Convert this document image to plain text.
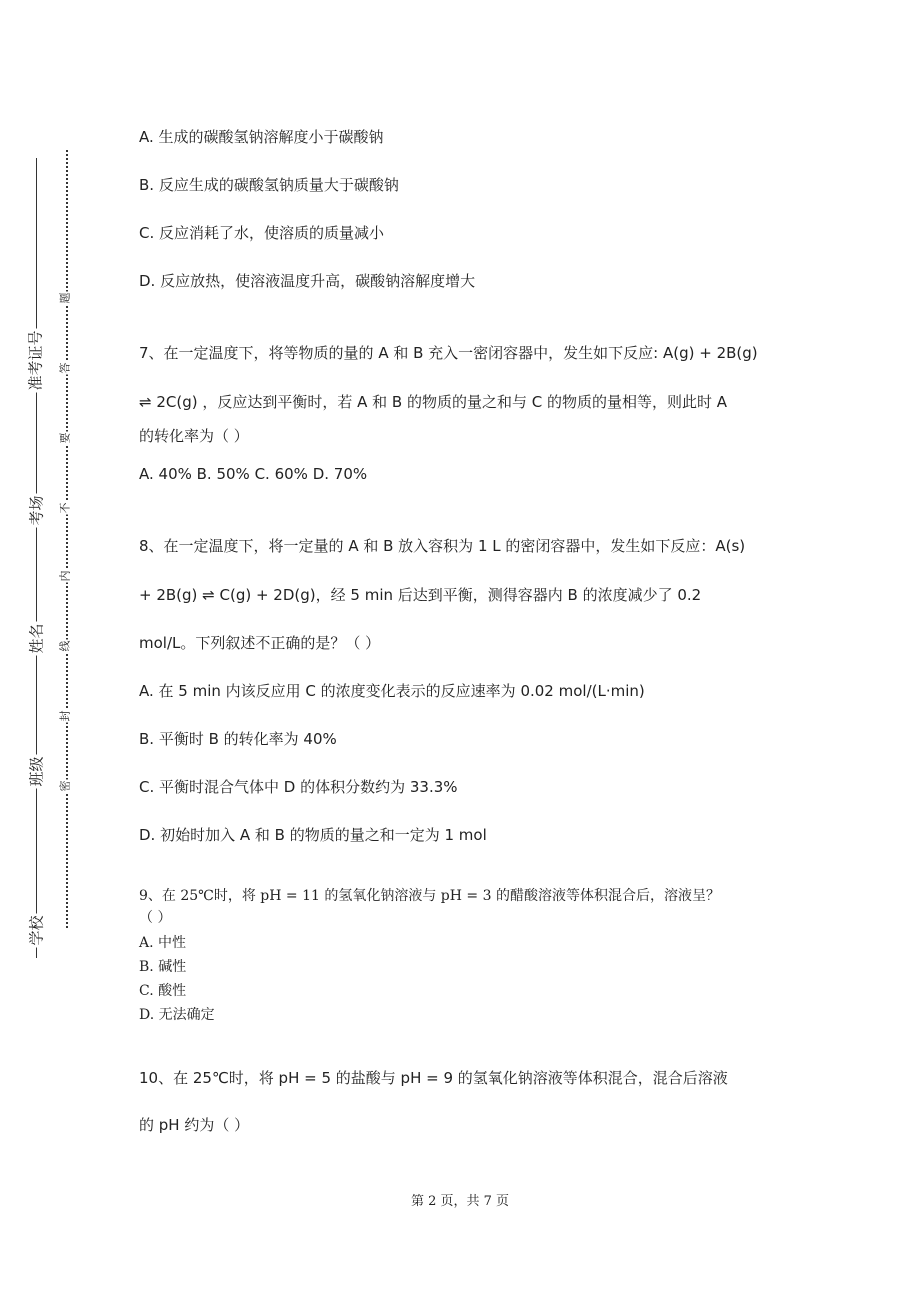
准考证号
考场
姓名
班级
学校
题
答
要
不
内
线
封
密
A. 生成的碳酸氢钠溶解度小于碳酸钠
B. 反应生成的碳酸氢钠质量大于碳酸钠
C. 反应消耗了水，使溶质的质量减小
D. 反应放热，使溶液温度升高，碳酸钠溶解度增大
7、在一定温度下，将等物质的量的 A 和 B 充入一密闭容器中，发生如下反应: A(g) + 2B(g)
⇌ 2C(g) ，反应达到平衡时，若 A 和 B 的物质的量之和与 C 的物质的量相等，则此时 A
的转化率为（ ）
A. 40% B. 50% C. 60% D. 70%
8、在一定温度下，将一定量的 A 和 B 放入容积为 1 L 的密闭容器中，发生如下反应：A(s)
+ 2B(g) ⇌ C(g) + 2D(g)，经 5 min 后达到平衡，测得容器内 B 的浓度减少了 0.2
mol/L。下列叙述不正确的是？（ ）
A. 在 5 min 内该反应用 C 的浓度变化表示的反应速率为 0.02 mol/(L·min)
B. 平衡时 B 的转化率为 40%
C. 平衡时混合气体中 D 的体积分数约为 33.3%
D. 初始时加入 A 和 B 的物质的量之和一定为 1 mol
9、在 25℃时，将 pH = 11 的氢氧化钠溶液与 pH = 3 的醋酸溶液等体积混合后，溶液呈？
（ ）
A. 中性
B. 碱性
C. 酸性
D. 无法确定
10、在 25℃时，将 pH = 5 的盐酸与 pH = 9 的氢氧化钠溶液等体积混合，混合后溶液
的 pH 约为（ ）
第 2 页，共 7 页
